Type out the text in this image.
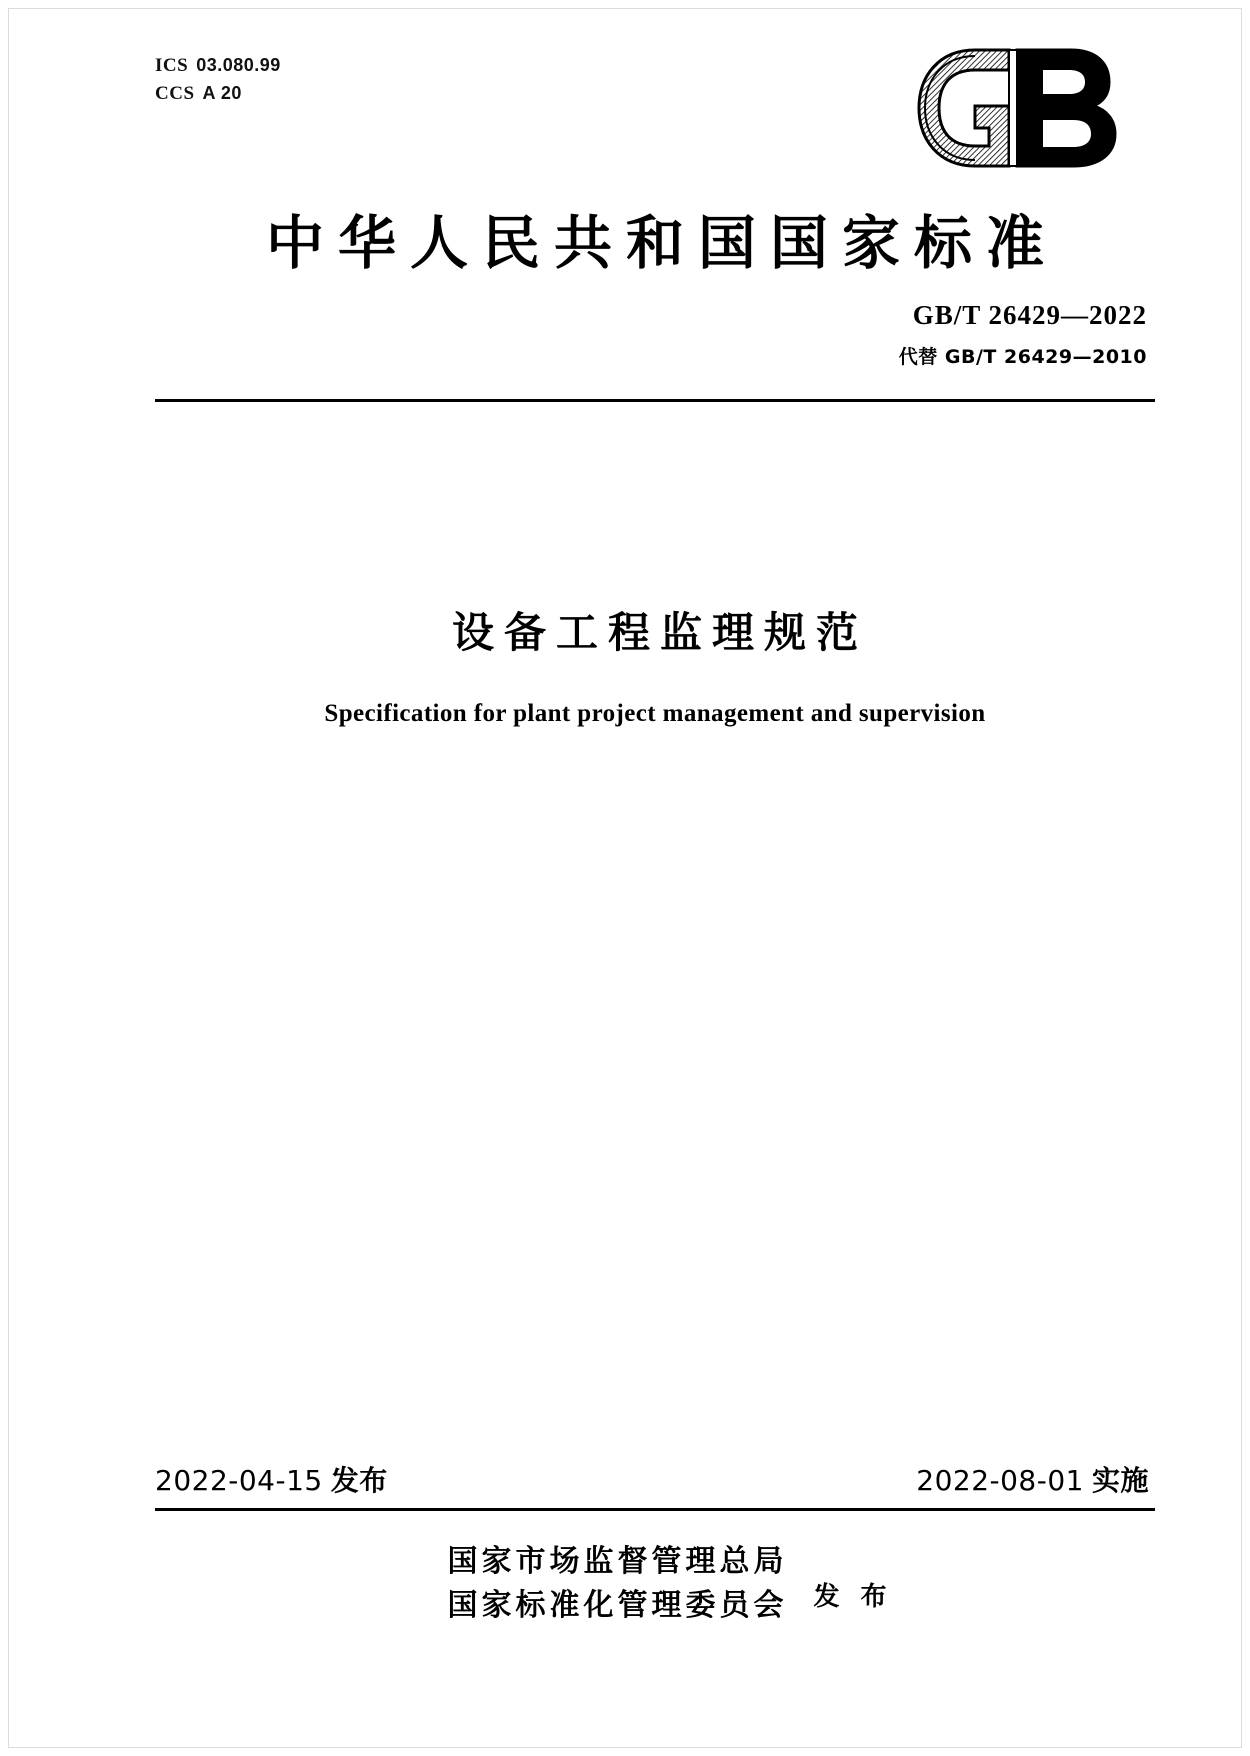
ICS 03.080.99
CCS A 20
中华人民共和国国家标准
GB/T 26429—2022
代替 GB/T 26429—2010
设备工程监理规范
Specification for plant project management and supervision
2022-04-15 发布	2022-08-01 实施
国家市场监督管理总局
国家标准化管理委员会 发 布
